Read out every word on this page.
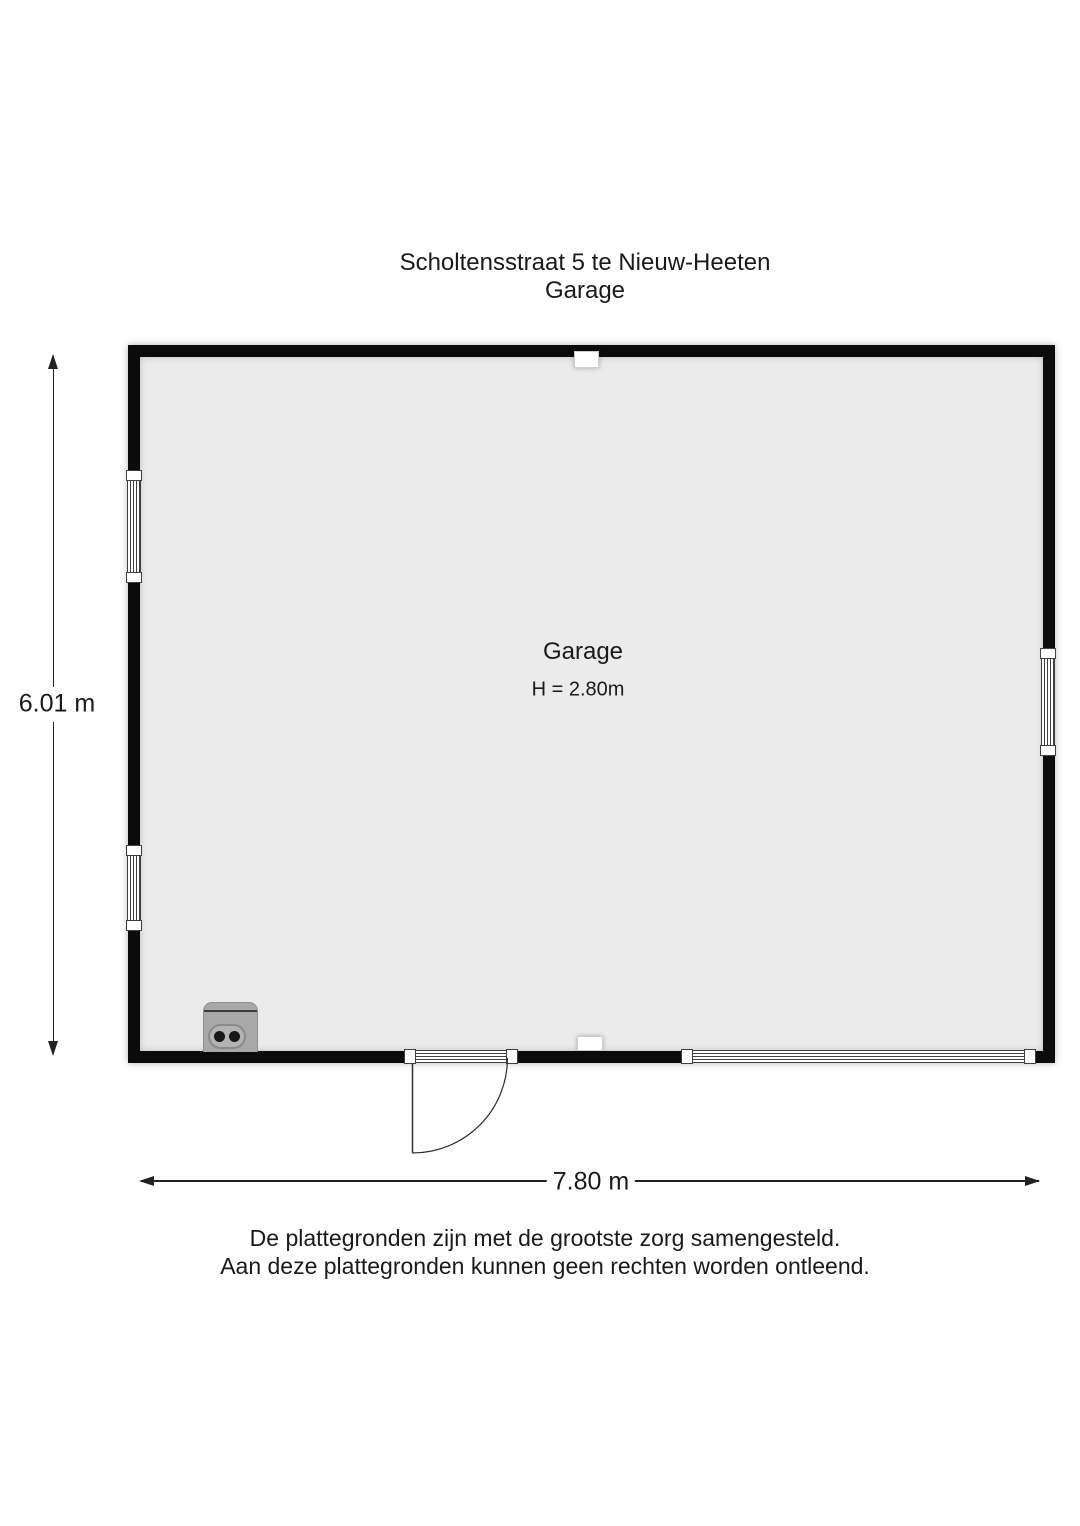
Scholtensstraat 5 te Nieuw-Heeten
Garage
Garage
H = 2.80m
6.01 m
7.80 m
De plattegronden zijn met de grootste zorg samengesteld.
Aan deze plattegronden kunnen geen rechten worden ontleend.
